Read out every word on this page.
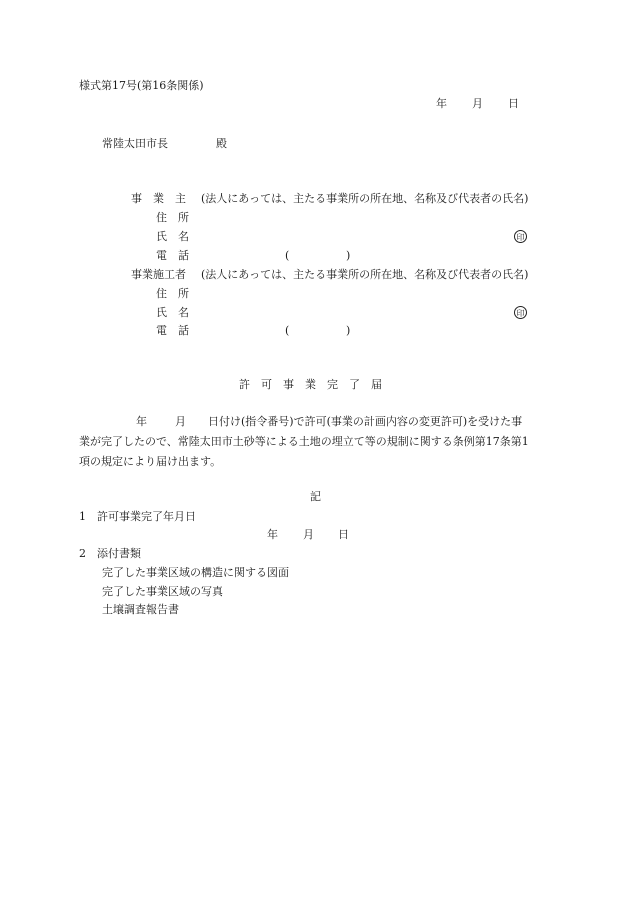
様式第17号(第16条関係)
年 月 日
常陸太田市長	殿
事　業　主 (法人にあっては、主たる事業所の所在地、名称及び代表者の氏名)
住　所
氏　名	印
電　話	(	)
事業施工者 (法人にあっては、主たる事業所の所在地、名称及び代表者の氏名)
住　所
氏　名	印
電　話	(	)
許　可　事　業　完　了　届
年	月 日付け(指令番号)で許可(事業の計画内容の変更許可)を受けた事
業が完了したので、常陸太田市土砂等による土地の埋立て等の規制に関する条例第17条第1
項の規定により届け出ます。
記
1 許可事業完了年月日
年 月 日
2 添付書類
完了した事業区域の構造に関する図面
完了した事業区域の写真
土壌調査報告書
